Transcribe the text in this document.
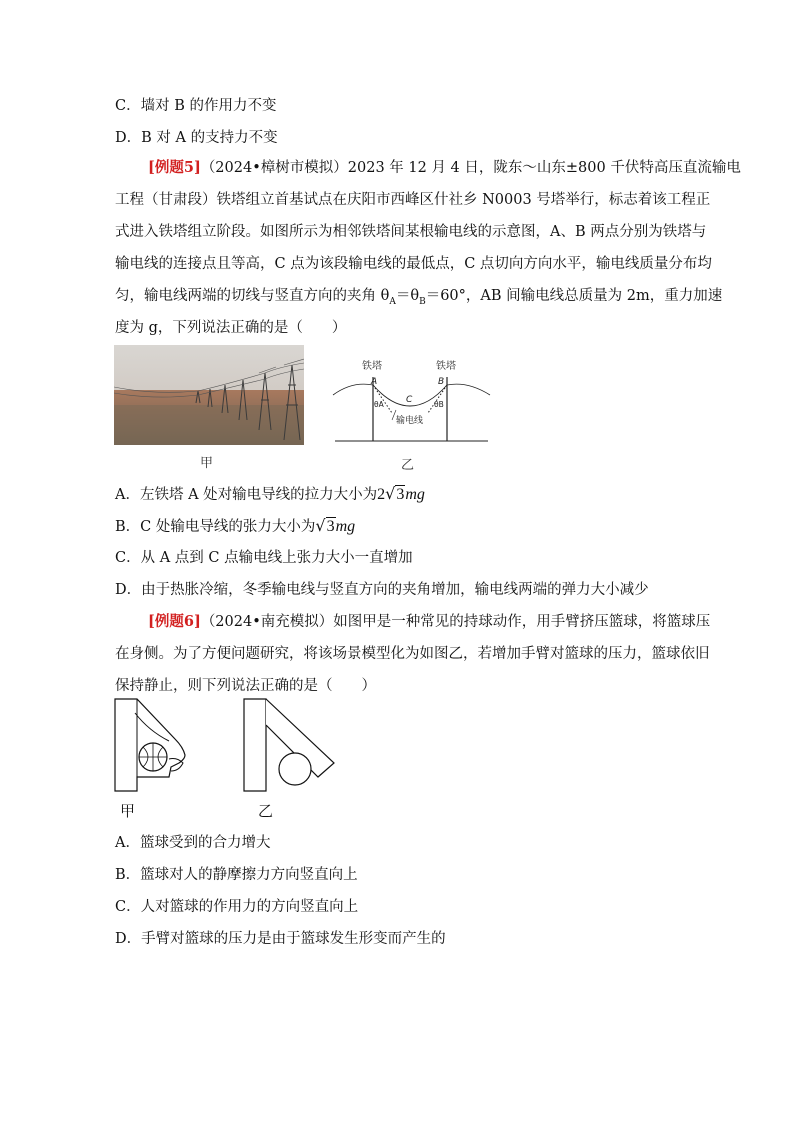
C．墙对 B 的作用力不变
D．B 对 A 的支持力不变
[例题5]（2024•樟树市模拟）2023 年 12 月 4 日，陇东～山东±800 千伏特高压直流输电
工程（甘肃段）铁塔组立首基试点在庆阳市西峰区什社乡 N0003 号塔举行，标志着该工程正
式进入铁塔组立阶段。如图所示为相邻铁塔间某根输电线的示意图，A、B 两点分别为铁塔与
输电线的连接点且等高，C 点为该段输电线的最低点，C 点切向方向水平，输电线质量分布均
匀，输电线两端的切线与竖直方向的夹角 $\theta_A=\theta_B=60^\circ$，AB 间输电线总质量为 2m，重力加速
度为 g，下列说法正确的是（　　）
甲
铁塔	铁塔
A	B
C
θA	θB
输电线
乙
A．左铁塔 A 处对输电导线的拉力大小为2√3mg
B．C 处输电导线的张力大小为√3mg
C．从 A 点到 C 点输电线上张力大小一直增加
D．由于热胀冷缩，冬季输电线与竖直方向的夹角增加，输电线两端的弹力大小减少
[例题6]（2024•南充模拟）如图甲是一种常见的持球动作，用手臂挤压篮球，将篮球压
在身侧。为了方便问题研究，将该场景模型化为如图乙，若增加手臂对篮球的压力，篮球依旧
保持静止，则下列说法正确的是（　　）
甲	乙
A．篮球受到的合力增大
B．篮球对人的静摩擦力方向竖直向上
C．人对篮球的作用力的方向竖直向上
D．手臂对篮球的压力是由于篮球发生形变而产生的
